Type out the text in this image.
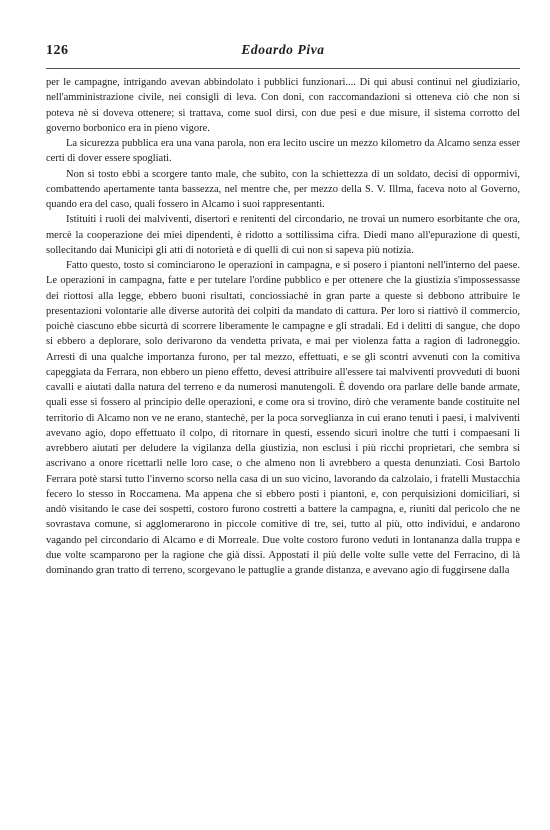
126	Edoardo Piva

per le campagne, intrigando avevan abbindolato i pubblici funzionari.... Di qui abusi continui nel giudiziario, nell'amministrazione civile, nei consigli di leva. Con doni, con raccomandazioni si otteneva ciò che non si poteva nè si doveva ottenere; si trattava, come suol dirsi, con due pesi e due misure, il sistema corrotto del governo borbonico era in pieno vigore.

La sicurezza pubblica era una vana parola, non era lecito uscire un mezzo kilometro da Alcamo senza esser certi di dover essere spogliati.

Non si tosto ebbi a scorgere tanto male, che subito, con la schiettezza di un soldato, decisi di oppormivi, combattendo apertamente tanta bassezza, nel mentre che, per mezzo della S. V. Illma, faceva noto al Governo, quando era del caso, quali fossero in Alcamo i suoi rappresentanti.

Istituiti i ruoli dei malviventi, disertori e renitenti del circondario, ne trovai un numero esorbitante che ora, mercè la cooperazione dei miei dipendenti, è ridotto a sottilissima cifra. Diedi mano all'epurazione di questi, sollecitando dai Municipi gli atti di notorietà e di quelli di cui non si sapeva più notizia.

Fatto questo, tosto si cominciarono le operazioni in campagna, e si posero i piantoni nell'interno del paese. Le operazioni in campagna, fatte e per tutelare l'ordine pubblico e per ottenere che la giustizia s'impossessasse dei riottosi alla legge, ebbero buoni risultati, conciossiachè in gran parte a queste si debbono attribuire le presentazioni volontarie alle diverse autorità dei colpiti da mandato di cattura. Per loro si riattivò il commercio, poichè ciascuno ebbe sicurtà di scorrere liberamente le campagne e gli stradali. Ed i delitti di sangue, che dopo si ebbero a deplorare, solo derivarono da vendetta privata, e mai per violenza fatta a ragion di ladroneggio. Arresti di una qualche importanza furono, per tal mezzo, effettuati, e se gli scontri avvenuti con la comitiva capeggiata da Ferrara, non ebbero un pieno effetto, devesi attribuire all'essere tai malviventi provveduti di buoni cavalli e aiutati dalla natura del terreno e da numerosi manutengoli. È dovendo ora parlare delle bande armate, quali esse si fossero al principio delle operazioni, e come ora si trovino, dirò che veramente bande costituite nel territorio di Alcamo non ve ne erano, stantechè, per la poca sorveglianza in cui erano tenuti i paesi, i malviventi avevano agio, dopo effettuato il colpo, di ritornare in questi, essendo sicuri inoltre che tutti i compaesani li avrebbero aiutati per deludere la vigilanza della giustizia, non esclusi i più ricchi proprietari, che sembra si ascrivano a onore ricettarli nelle loro case, o che almeno non li avrebbero a questa denunziati. Così Bartolo Ferrara potè starsi tutto l'inverno scorso nella casa di un suo vicino, lavorando da calzolaio, i fratelli Mustacchia fecero lo stesso in Roccamena. Ma appena che si ebbero posti i piantoni, e, con perquisizioni domiciliari, si andò visitando le case dei sospetti, costoro furono costretti a battere la campagna, e, riuniti dal pericolo che ne sovrastava comune, si agglomerarono in piccole comitive di tre, sei, tutto al più, otto individui, e andarono vagando pel circondario di Alcamo e di Morreale. Due volte costoro furono veduti in lontananza dalla truppa e due volte scamparono per la ragione che già dissi. Appostati il più delle volte sulle vette del Ferracino, di là dominando gran tratto di terreno, scorgevano le pattuglie a grande distanza, e avevano agio di fuggirsene dalla
